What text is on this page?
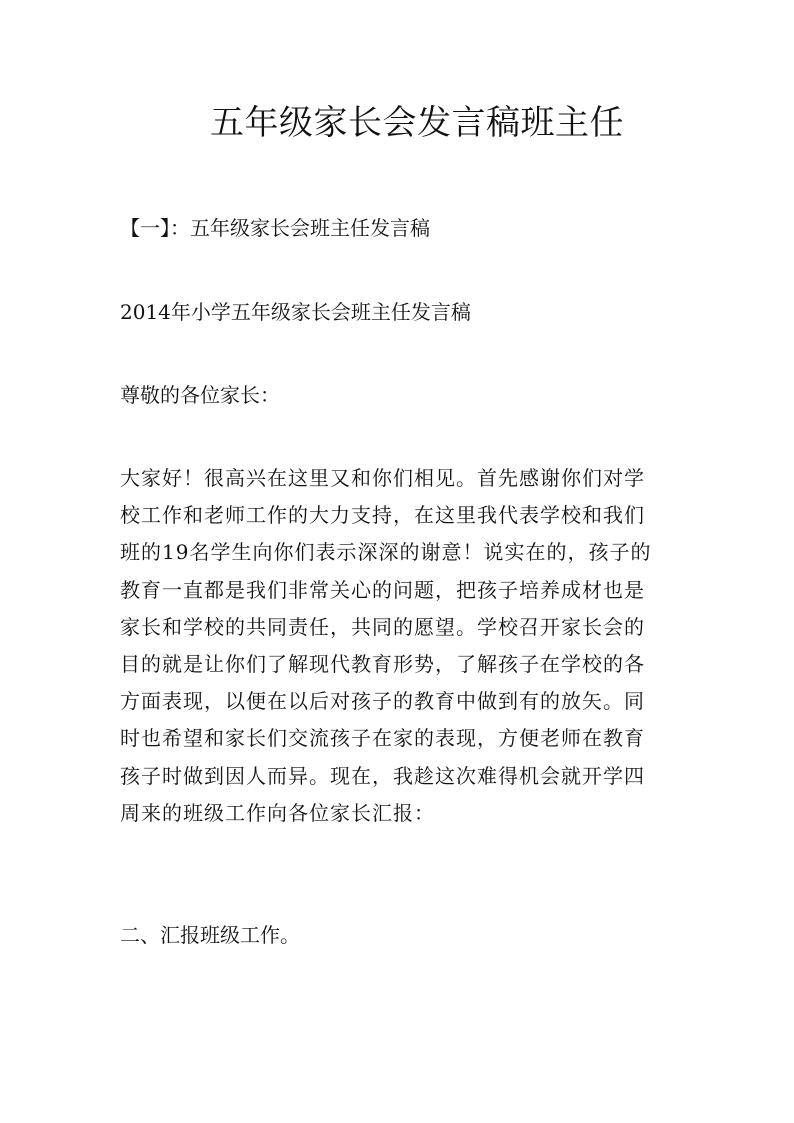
五年级家长会发言稿班主任
【一】：五年级家长会班主任发言稿
2014年小学五年级家长会班主任发言稿
尊敬的各位家长：
大家好！很高兴在这里又和你们相见。首先感谢你们对学
校工作和老师工作的大力支持，在这里我代表学校和我们
班的19名学生向你们表示深深的谢意！说实在的，孩子的
教育一直都是我们非常关心的问题，把孩子培养成材也是
家长和学校的共同责任，共同的愿望。学校召开家长会的
目的就是让你们了解现代教育形势，了解孩子在学校的各
方面表现，以便在以后对孩子的教育中做到有的放矢。同
时也希望和家长们交流孩子在家的表现，方便老师在教育
孩子时做到因人而异。现在，我趁这次难得机会就开学四
周来的班级工作向各位家长汇报：
二、汇报班级工作。
